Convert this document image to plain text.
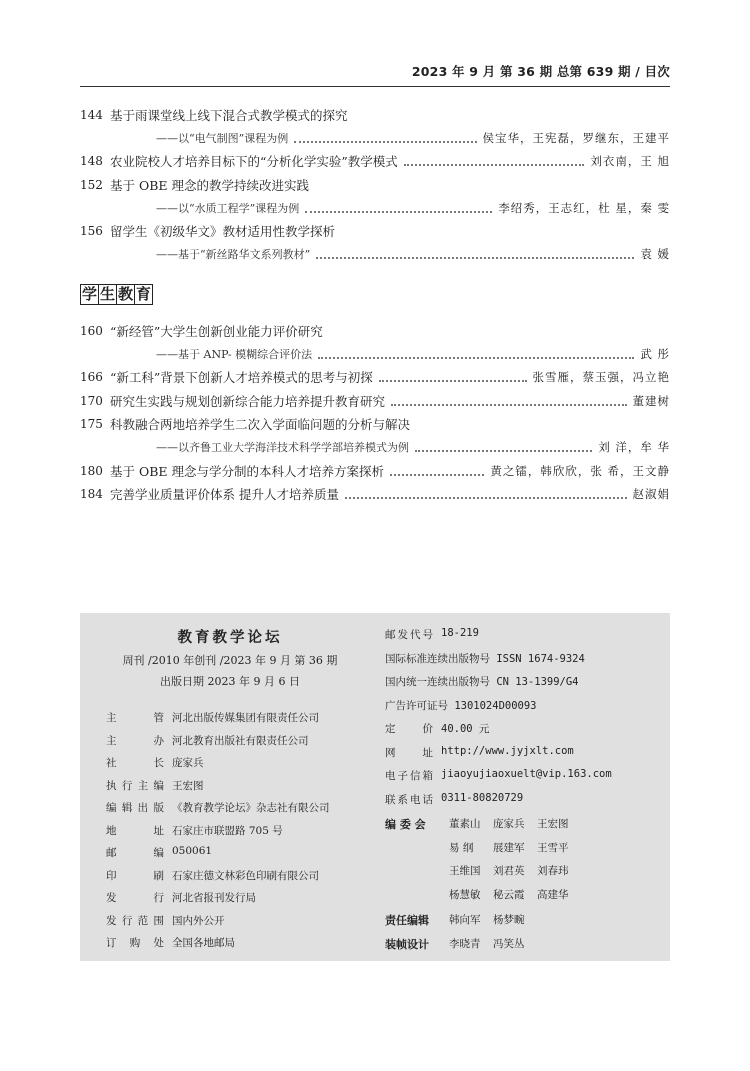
2023 年 9 月 第 36 期 总第 639 期 / 目次
144 基于雨课堂线上线下混合式教学模式的探究
——以“电气制图”课程为例	侯宝华，王宪磊，罗继东，王建平
148 农业院校人才培养目标下的“分析化学实验”教学模式	刘衣南，王 旭
152 基于 OBE 理念的教学持续改进实践
——以“水质工程学”课程为例	李绍秀，王志红，杜 星，秦 雯
156 留学生《初级华文》教材适用性教学探析
——基于“新丝路华文系列教材”	袁 媛
学 生 教 育
160 “新经管”大学生创新创业能力评价研究
——基于 ANP- 模糊综合评价法	武 彤
166 “新工科”背景下创新人才培养模式的思考与初探	张雪雁，蔡玉强，冯立艳
170 研究生实践与规划创新综合能力培养提升教育研究	董建树
175 科教融合两地培养学生二次入学面临问题的分析与解决
——以齐鲁工业大学海洋技术科学学部培养模式为例	刘 洋，牟 华
180 基于 OBE 理念与学分制的本科人才培养方案探析	黄之镭，韩欣欣，张 希，王文静
184 完善学业质量评价体系 提升人才培养质量	赵淑娟
教育教学论坛
周刊 /2010 年创刊 /2023 年 9 月 第 36 期
出版日期 2023 年 9 月 6 日
主管 河北出版传媒集团有限责任公司
主办 河北教育出版社有限责任公司
社长 庞家兵
执行主编 王宏图
编辑出版 《教育教学论坛》杂志社有限公司
地址 石家庄市联盟路 705 号
邮编 050061
印刷 石家庄德文林彩色印刷有限公司
发行 河北省报刊发行局
发行范围 国内外公开
订购处 全国各地邮局
邮发代号 18-219
国际标准连续出版物号 ISSN 1674-9324
国内统一连续出版物号 CN 13-1399/G4
广告许可证号 1301024D00093
定价 40.00 元
网址 http://www.jyjxlt.com
电子信箱 jiaoyujiaoxuelt@vip.163.com
联系电话 0311-80820729
编 委 会 董素山 庞家兵 王宏图
易 纲 展建军 王雪平
王维国 刘君英 刘春玮
杨慧敏 秘云霞 高建华
责任编辑 韩向军 杨梦畹
装帧设计 李晓青 冯笑丛
